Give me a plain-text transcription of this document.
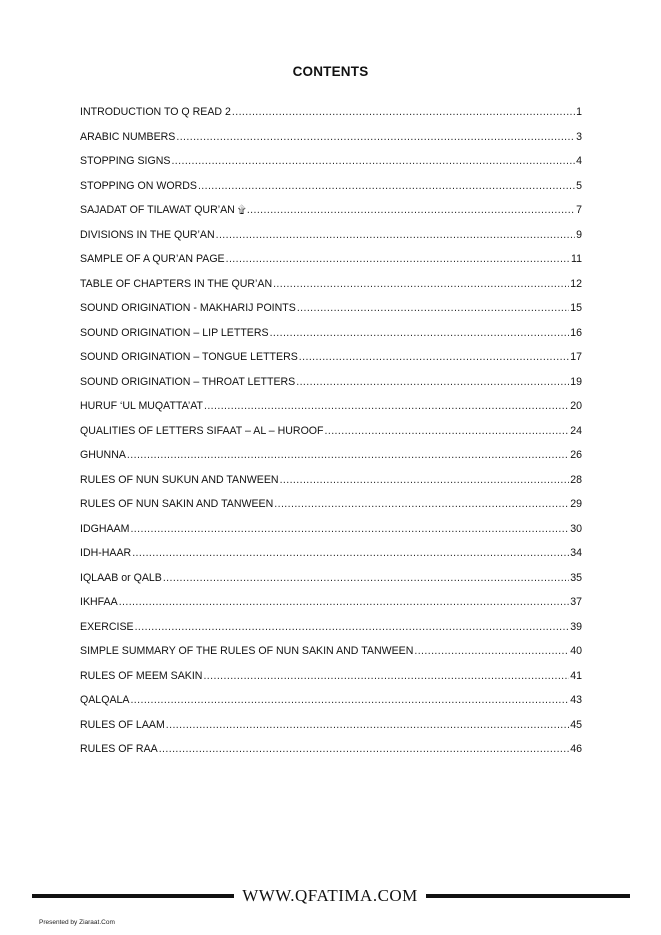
CONTENTS
INTRODUCTION TO Q READ 2 .....	1
ARABIC NUMBERS .....	3
STOPPING SIGNS .....	4
STOPPING ON WORDS .....	5
SAJADAT OF TILAWAT QUR’AN ۩ .....	7
DIVISIONS IN THE QUR’AN .....	9
SAMPLE OF A QUR’AN PAGE .....	11
TABLE OF CHAPTERS IN THE QUR’AN .....	12
SOUND ORIGINATION - MAKHARIJ POINTS .....	15
SOUND ORIGINATION – LIP LETTERS .....	16
SOUND ORIGINATION – TONGUE LETTERS .....	17
SOUND ORIGINATION – THROAT LETTERS .....	19
HURUF ‘UL MUQATTA’AT .....	20
QUALITIES OF LETTERS SIFAAT – AL – HUROOF .....	24
GHUNNA .....	26
RULES OF NUN SUKUN AND TANWEEN .....	28
RULES OF NUN SAKIN AND TANWEEN .....	29
IDGHAAM .....	30
IDH-HAAR .....	34
IQLAAB or QALB .....	35
IKHFAA .....	37
EXERCISE .....	39
SIMPLE SUMMARY OF THE RULES OF NUN SAKIN AND TANWEEN .....	40
RULES OF MEEM SAKIN .....	41
QALQALA .....	43
RULES OF LAAM .....	45
RULES OF RAA .....	46
WWW.QFATIMA.COM
Presented by Ziaraat.Com
